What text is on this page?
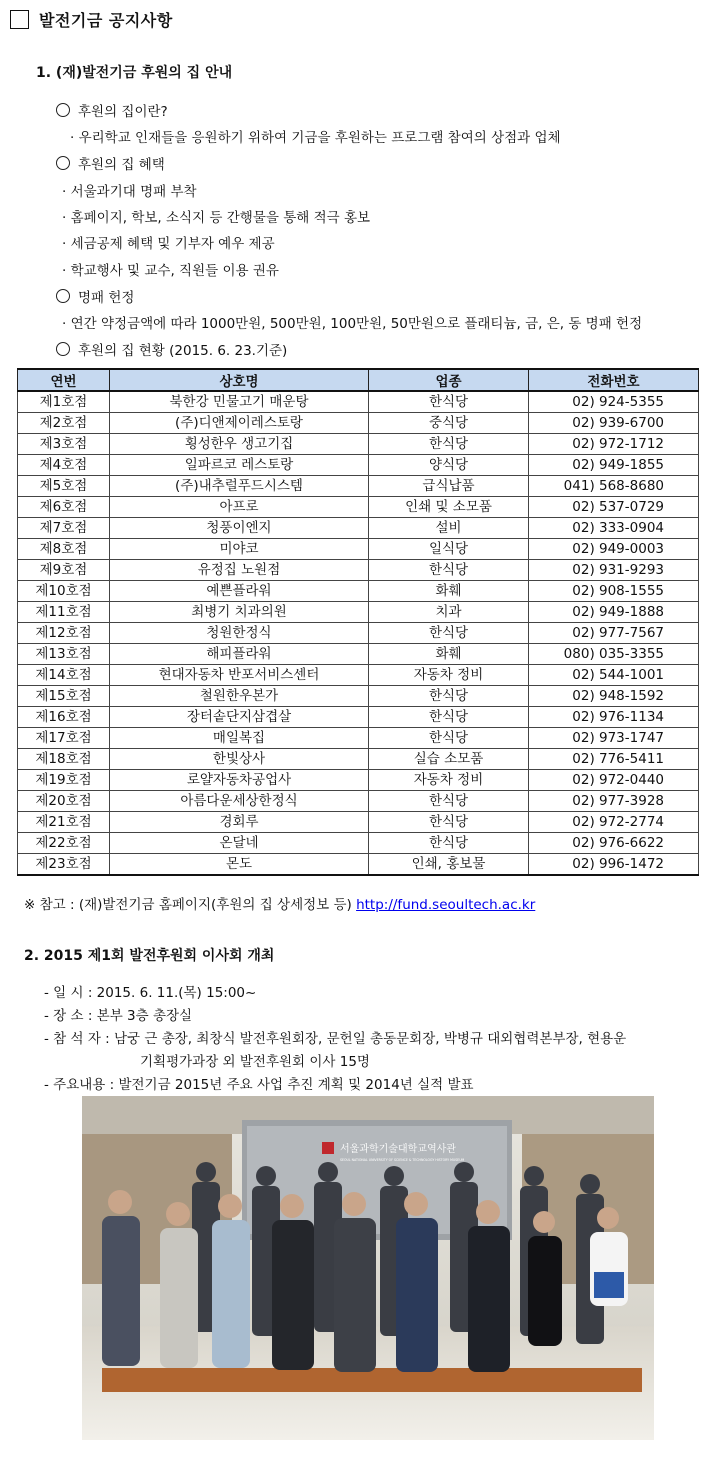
발전기금 공지사항
1. (재)발전기금 후원의 집 안내
후원의 집이란?
· 우리학교 인재들을 응원하기 위하여 기금을 후원하는 프로그램 참여의 상점과 업체
후원의 집 혜택
· 서울과기대 명패 부착
· 홈페이지, 학보, 소식지 등 간행물을 통해 적극 홍보
· 세금공제 혜택 및 기부자 예우 제공
· 학교행사 및 교수, 직원들 이용 권유
명패 헌정
· 연간 약정금액에 따라 1000만원, 500만원, 100만원, 50만원으로 플래티늄, 금, 은, 동 명패 헌정
후원의 집 현황 (2015. 6. 23.기준)
연번	상호명	업종	전화번호
제1호점	북한강 민물고기 매운탕	한식당	02) 924-5355
제2호점	(주)디앤제이레스토랑	중식당	02) 939-6700
제3호점	횡성한우 생고기집	한식당	02) 972-1712
제4호점	일파르코 레스토랑	양식당	02) 949-1855
제5호점	(주)내추럴푸드시스템	급식납품	041) 568-8680
제6호점	아프로	인쇄 및 소모품	02) 537-0729
제7호점	청풍이엔지	설비	02) 333-0904
제8호점	미야코	일식당	02) 949-0003
제9호점	유정집 노원점	한식당	02) 931-9293
제10호점	예쁜플라워	화훼	02) 908-1555
제11호점	최병기 치과의원	치과	02) 949-1888
제12호점	청원한정식	한식당	02) 977-7567
제13호점	해피플라워	화훼	080) 035-3355
제14호점	현대자동차 반포서비스센터	자동차 정비	02) 544-1001
제15호점	철원한우본가	한식당	02) 948-1592
제16호점	장터솥단지삼겹살	한식당	02) 976-1134
제17호점	매일복집	한식당	02) 973-1747
제18호점	한빛상사	실습 소모품	02) 776-5411
제19호점	로얄자동차공업사	자동차 정비	02) 972-0440
제20호점	아름다운세상한정식	한식당	02) 977-3928
제21호점	경회루	한식당	02) 972-2774
제22호점	온달네	한식당	02) 976-6622
제23호점	몬도	인쇄, 홍보물	02) 996-1472
※ 참고 : (재)발전기금 홈페이지(후원의 집 상세정보 등) http://fund.seoultech.ac.kr
2. 2015 제1회 발전후원회 이사회 개최
- 일 시 : 2015. 6. 11.(목) 15:00~
- 장 소 : 본부 3층 총장실
- 참 석 자 : 남궁 근 총장, 최창식 발전후원회장, 문헌일 총동문회장, 박병규 대외협력본부장, 현용운
기획평가과장 외 발전후원회 이사 15명
- 주요내용 : 발전기금 2015년 주요 사업 추진 계획 및 2014년 실적 발표
서울과학기술대학교역사관
SEOUL NATIONAL UNIVERSITY OF SCIENCE & TECHNOLOGY HISTORY MUSEUM
